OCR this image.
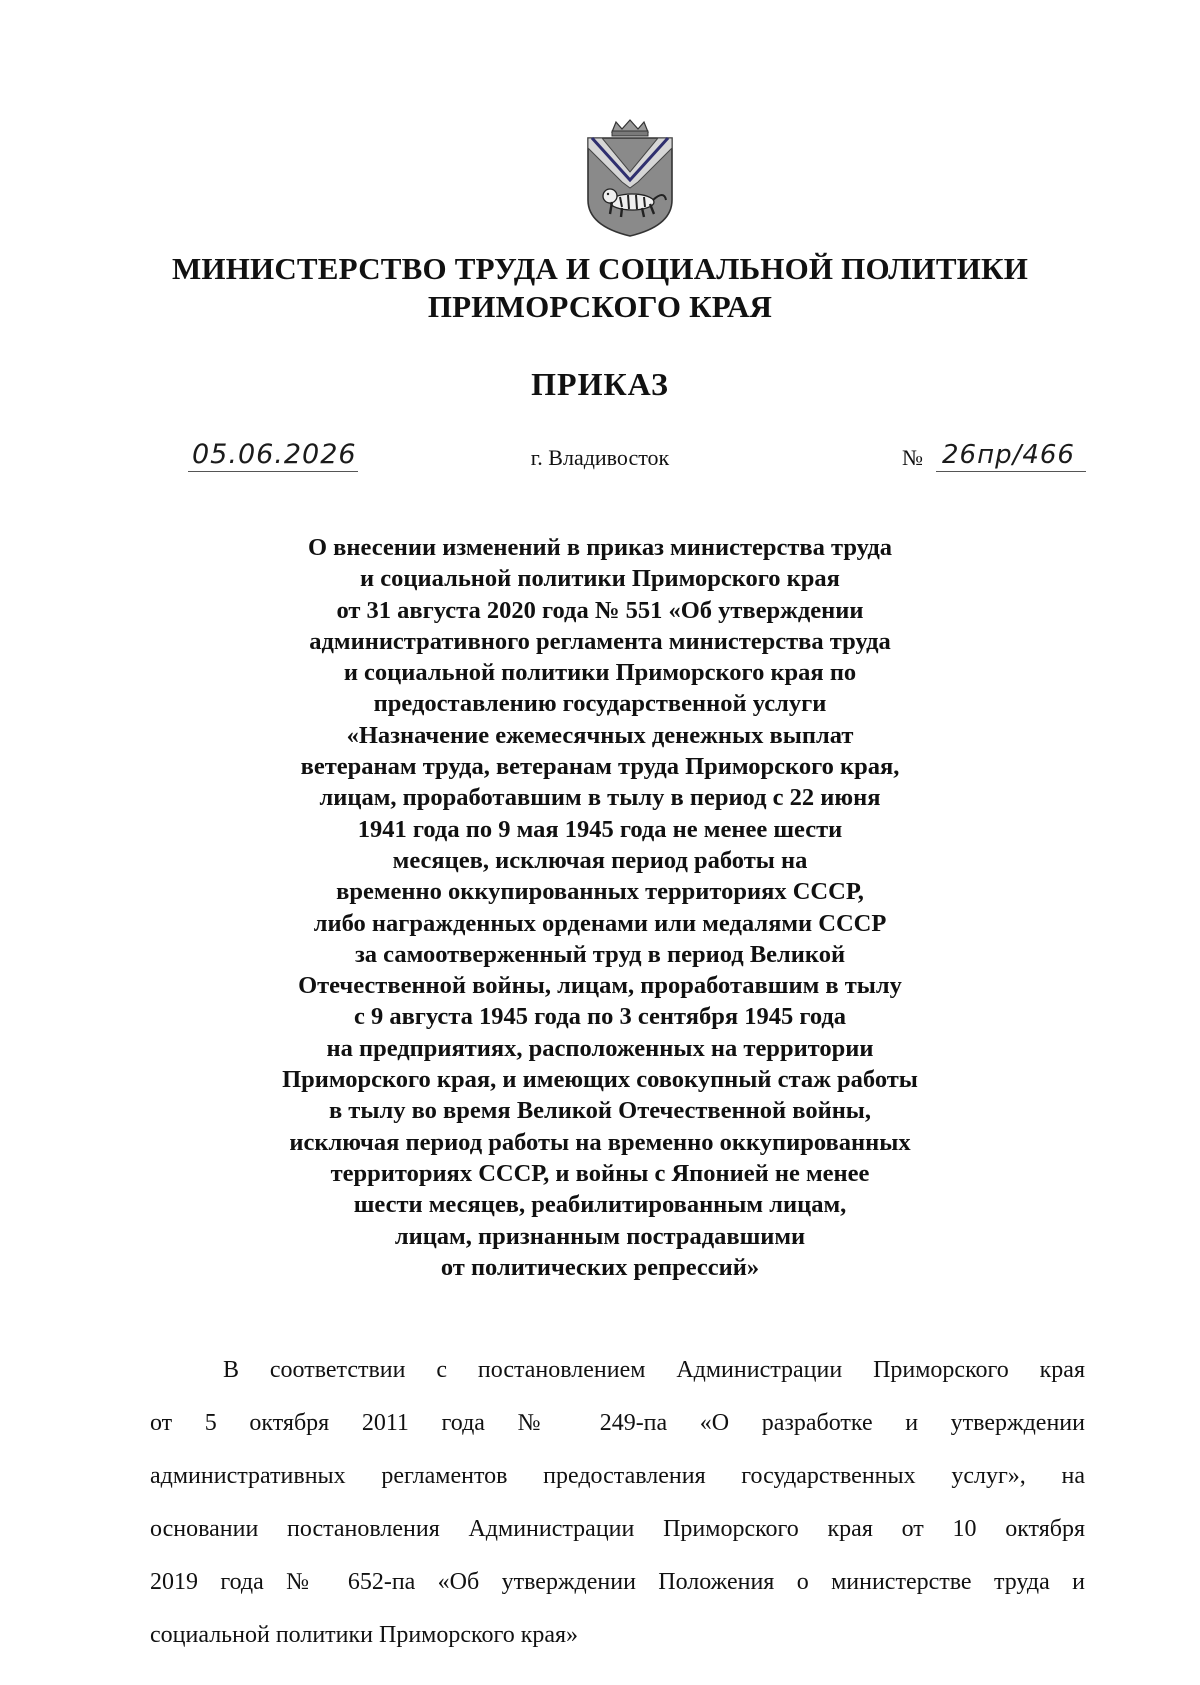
МИНИСТЕРСТВО ТРУДА И СОЦИАЛЬНОЙ ПОЛИТИКИ
ПРИМОРСКОГО КРАЯ
ПРИКАЗ
05.06.2026	г. Владивосток	№ 26пр/466
О внесении изменений в приказ министерства труда
и социальной политики Приморского края
от 31 августа 2020 года № 551 «Об утверждении
административного регламента министерства труда
и социальной политики Приморского края по
предоставлению государственной услуги
«Назначение ежемесячных денежных выплат
ветеранам труда, ветеранам труда Приморского края,
лицам, проработавшим в тылу в период с 22 июня
1941 года по 9 мая 1945 года не менее шести
месяцев, исключая период работы на
временно оккупированных территориях СССР,
либо награжденных орденами или медалями СССР
за самоотверженный труд в период Великой
Отечественной войны, лицам, проработавшим в тылу
с 9 августа 1945 года по 3 сентября 1945 года
на предприятиях, расположенных на территории
Приморского края, и имеющих совокупный стаж работы
в тылу во время Великой Отечественной войны,
исключая период работы на временно оккупированных
территориях СССР, и войны с Японией не менее
шести месяцев, реабилитированным лицам,
лицам, признанным пострадавшими
от политических репрессий»
В соответствии с постановлением Администрации Приморского края
от 5 октября 2011 года № 249-па «О разработке и утверждении
административных регламентов предоставления государственных услуг», на
основании постановления Администрации Приморского края от 10 октября
2019 года № 652-па «Об утверждении Положения о министерстве труда и
социальной политики Приморского края»
